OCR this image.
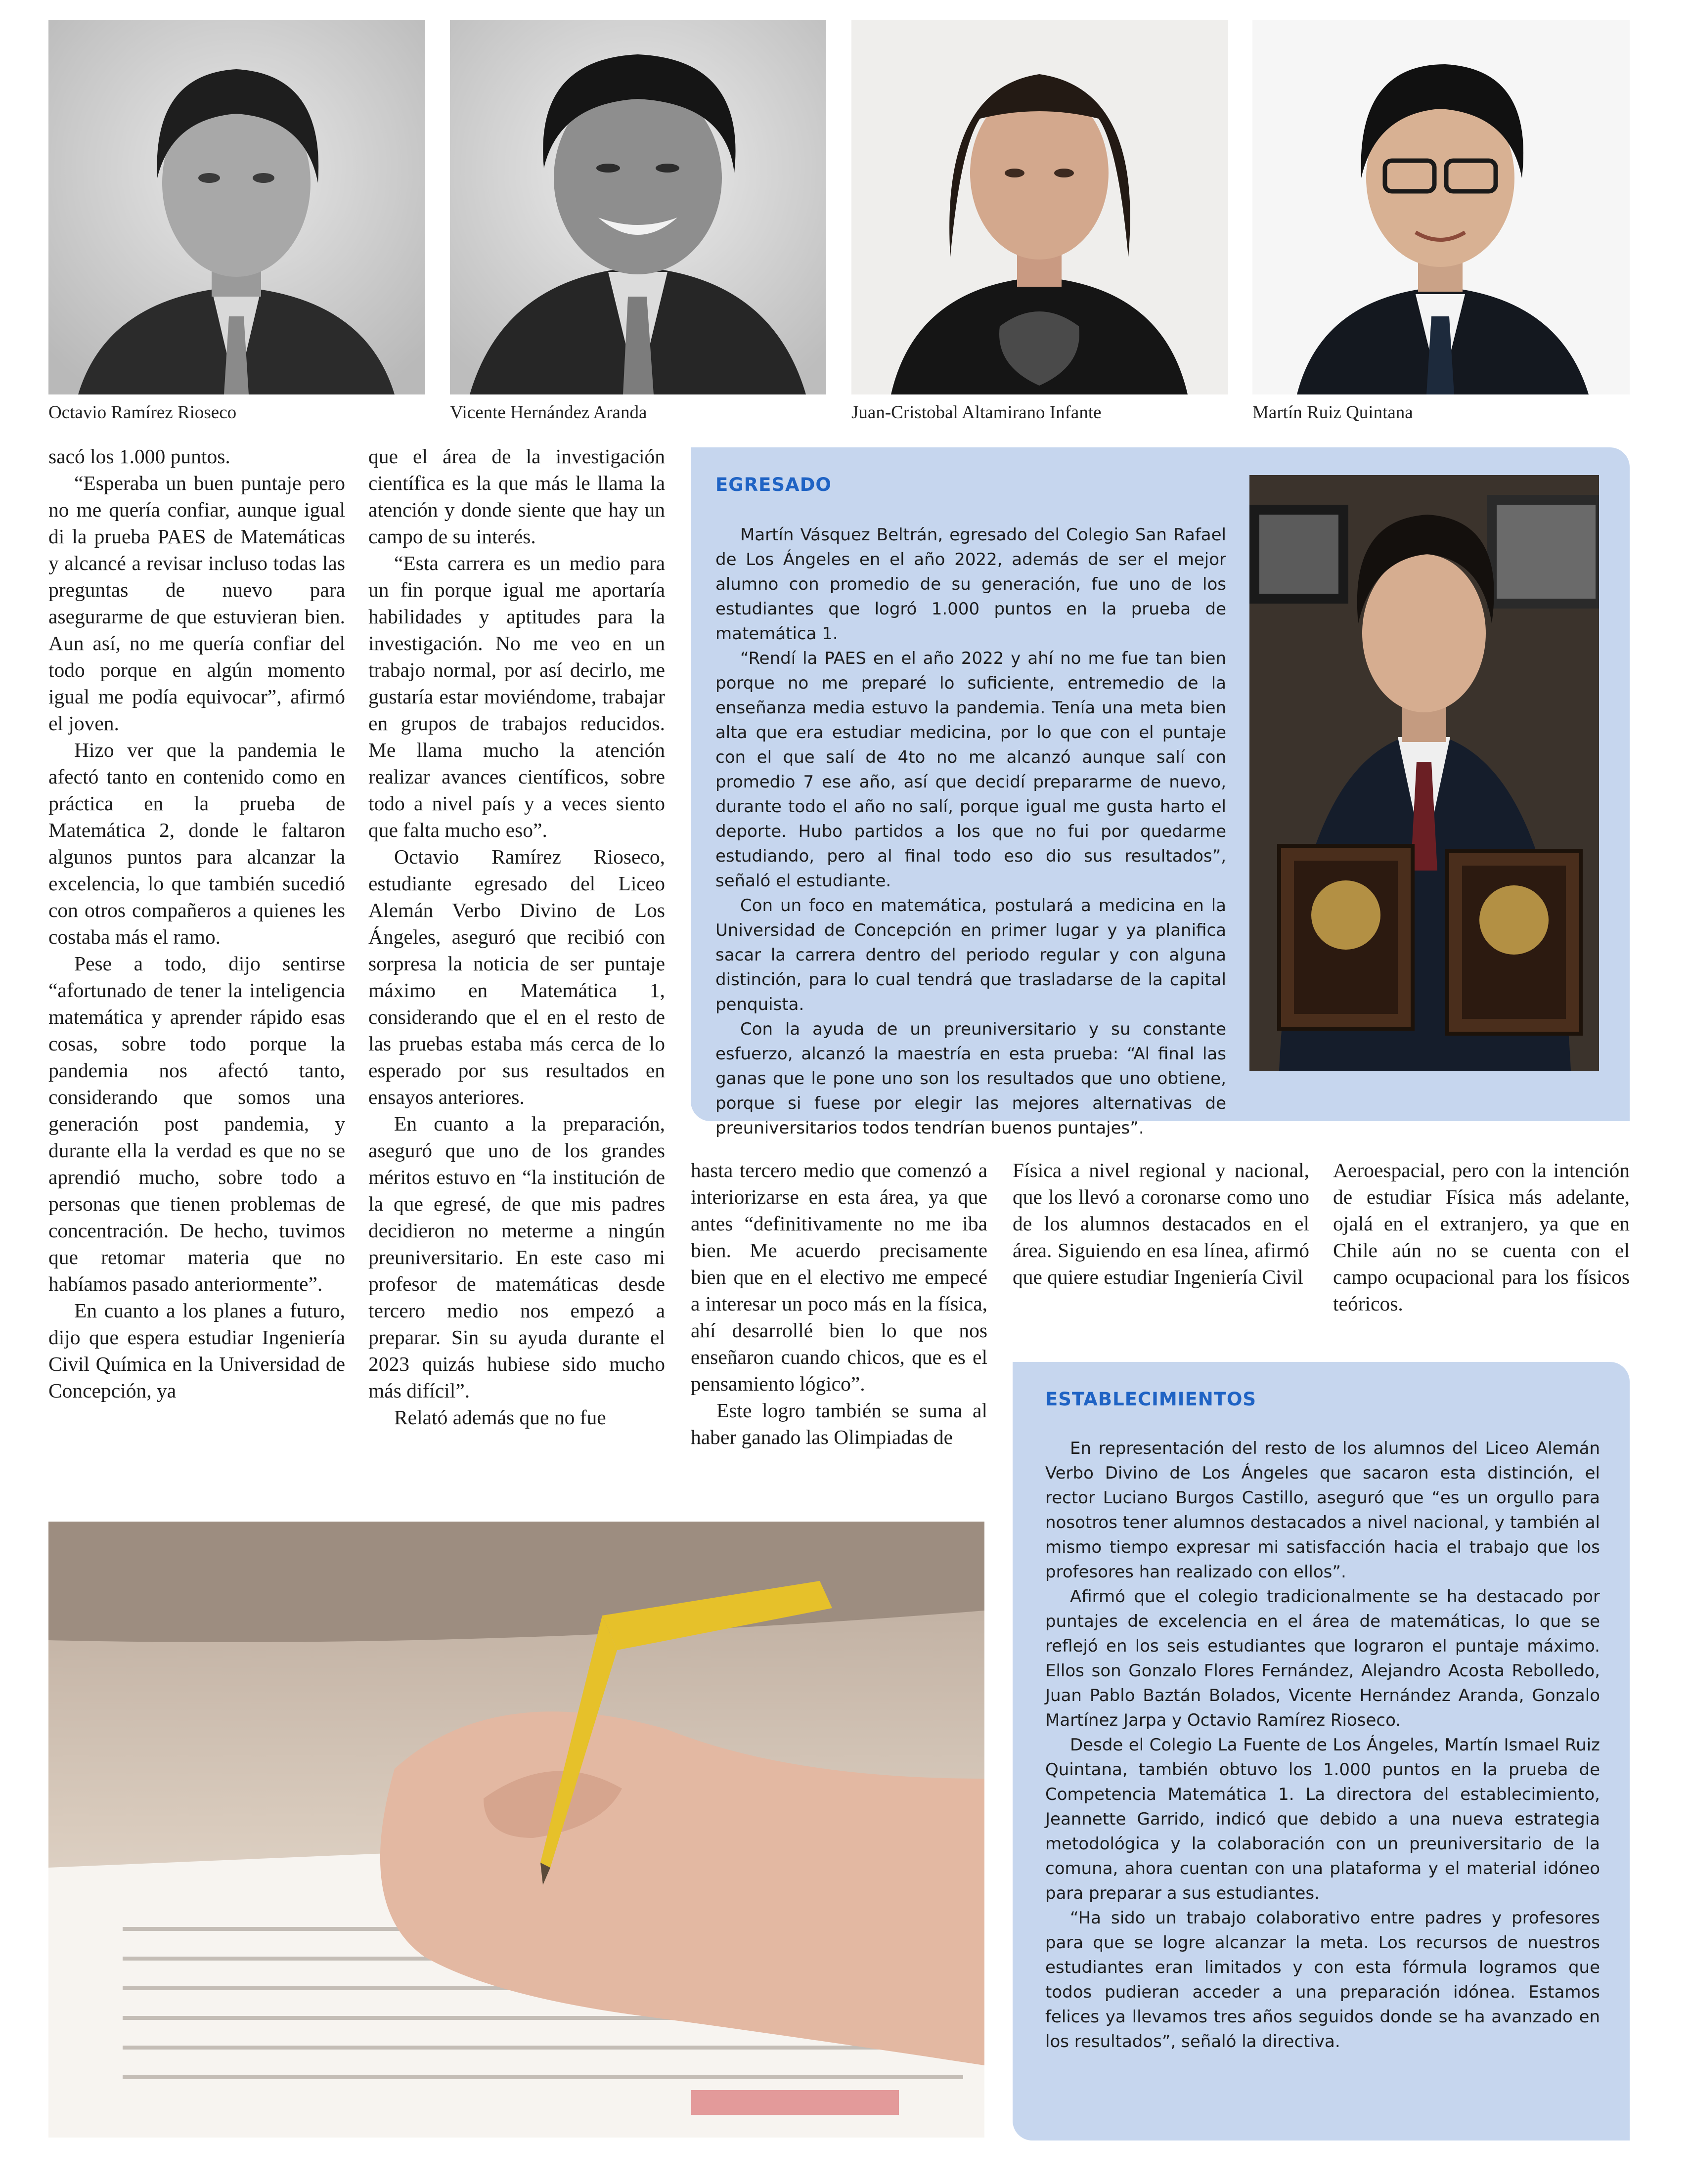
Octavio Ramírez Rioseco	Vicente Hernández Aranda	Juan-Cristobal Altamirano Infante	Martín Ruiz Quintana

sacó los 1.000 puntos.

“Esperaba un buen puntaje pero no me quería confiar, aunque igual di la prueba PAES de Matemáticas y alcancé a revisar incluso todas las preguntas de nuevo para asegurarme de que estuvieran bien. Aun así, no me quería confiar del todo porque en algún momento igual me podía equivocar”, afirmó el joven.

Hizo ver que la pandemia le afectó tanto en contenido como en práctica en la prueba de Matemática 2, donde le faltaron algunos puntos para alcanzar la excelencia, lo que también sucedió con otros compañeros a quienes les costaba más el ramo.

Pese a todo, dijo sentirse “afortunado de tener la inteligencia matemática y aprender rápido esas cosas, sobre todo porque la pandemia nos afectó tanto, considerando que somos una generación post pandemia, y durante ella la verdad es que no se aprendió mucho, sobre todo a personas que tienen problemas de concentración. De hecho, tuvimos que retomar materia que no habíamos pasado anteriormente”.

En cuanto a los planes a futuro, dijo que espera estudiar Ingeniería Civil Química en la Universidad de Concepción, ya

que el área de la investigación científica es la que más le llama la atención y donde siente que hay un campo de su interés.

“Esta carrera es un medio para un fin porque igual me aportaría habilidades y aptitudes para la investigación. No me veo en un trabajo normal, por así decirlo, me gustaría estar moviéndome, trabajar en grupos de trabajos reducidos. Me llama mucho la atención realizar avances científicos, sobre todo a nivel país y a veces siento que falta mucho eso”.

Octavio Ramírez Rioseco, estudiante egresado del Liceo Alemán Verbo Divino de Los Ángeles, aseguró que recibió con sorpresa la noticia de ser puntaje máximo en Matemática 1, considerando que el en el resto de las pruebas estaba más cerca de lo esperado por sus resultados en ensayos anteriores.

En cuanto a la preparación, aseguró que uno de los grandes méritos estuvo en “la institución de la que egresé, de que mis padres decidieron no meterme a ningún preuniversitario. En este caso mi profesor de matemáticas desde tercero medio nos empezó a preparar. Sin su ayuda durante el 2023 quizás hubiese sido mucho más difícil”.

Relató además que no fue

EGRESADO

Martín Vásquez Beltrán, egresado del Colegio San Rafael de Los Ángeles en el año 2022, además de ser el mejor alumno con promedio de su generación, fue uno de los estudiantes que logró 1.000 puntos en la prueba de matemática 1.

“Rendí la PAES en el año 2022 y ahí no me fue tan bien porque no me preparé lo suficiente, entremedio de la enseñanza media estuvo la pandemia. Tenía una meta bien alta que era estudiar medicina, por lo que con el puntaje con el que salí de 4to no me alcanzó aunque salí con promedio 7 ese año, así que decidí prepararme de nuevo, durante todo el año no salí, porque igual me gusta harto el deporte. Hubo partidos a los que no fui por quedarme estudiando, pero al final todo eso dio sus resultados”, señaló el estudiante.

Con un foco en matemática, postulará a medicina en la Universidad de Concepción en primer lugar y ya planifica sacar la carrera dentro del periodo regular y con alguna distinción, para lo cual tendrá que trasladarse de la capital penquista.

Con la ayuda de un preuniversitario y su constante esfuerzo, alcanzó la maestría en esta prueba: “Al final las ganas que le pone uno son los resultados que uno obtiene, porque si fuese por elegir las mejores alternativas de preuniversitarios todos tendrían buenos puntajes”.

hasta tercero medio que comenzó a interiorizarse en esta área, ya que antes “definitivamente no me iba bien. Me acuerdo precisamente bien que en el electivo me empecé a interesar un poco más en la física, ahí desarrollé bien lo que nos enseñaron cuando chicos, que es el pensamiento lógico”.

Este logro también se suma al haber ganado las Olimpiadas de

Física a nivel regional y nacional, que los llevó a coronarse como uno de los alumnos destacados en el área. Siguiendo en esa línea, afirmó que quiere estudiar Ingeniería Civil

Aeroespacial, pero con la intención de estudiar Física más adelante, ojalá en el extranjero, ya que en Chile aún no se cuenta con el campo ocupacional para los físicos teóricos.

ESTABLECIMIENTOS

En representación del resto de los alumnos del Liceo Alemán Verbo Divino de Los Ángeles que sacaron esta distinción, el rector Luciano Burgos Castillo, aseguró que “es un orgullo para nosotros tener alumnos destacados a nivel nacional, y también al mismo tiempo expresar mi satisfacción hacia el trabajo que los profesores han realizado con ellos”.

Afirmó que el colegio tradicionalmente se ha destacado por puntajes de excelencia en el área de matemáticas, lo que se reflejó en los seis estudiantes que lograron el puntaje máximo. Ellos son Gonzalo Flores Fernández, Alejandro Acosta Rebolledo, Juan Pablo Baztán Bolados, Vicente Hernández Aranda, Gonzalo Martínez Jarpa y Octavio Ramírez Rioseco.

Desde el Colegio La Fuente de Los Ángeles, Martín Ismael Ruiz Quintana, también obtuvo los 1.000 puntos en la prueba de Competencia Matemática 1. La directora del establecimiento, Jeannette Garrido, indicó que debido a una nueva estrategia metodológica y la colaboración con un preuniversitario de la comuna, ahora cuentan con una plataforma y el material idóneo para preparar a sus estudiantes.

“Ha sido un trabajo colaborativo entre padres y profesores para que se logre alcanzar la meta. Los recursos de nuestros estudiantes eran limitados y con esta fórmula logramos que todos pudieran acceder a una preparación idónea. Estamos felices ya llevamos tres años seguidos donde se ha avanzado en los resultados”, señaló la directiva.
